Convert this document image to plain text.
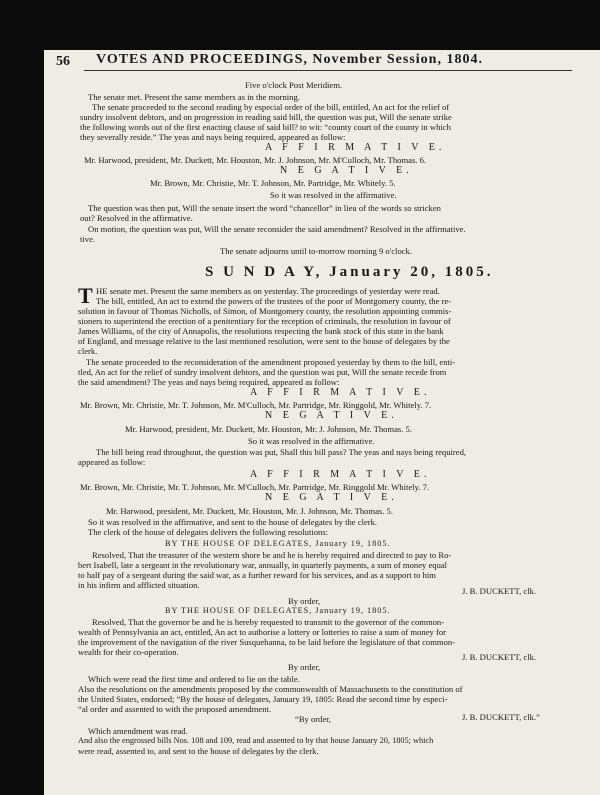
56 VOTES AND PROCEEDINGS, November Session, 1804.
Five o'clock Post Meridiem.
The senate met. Present the same members as in the morning.
The senate proceeded to the second reading by especial order of the bill, entitled, An act for the relief of
sundry insolvent debtors, and on progression in reading said bill, the question was put, Will the senate strike
the following words out of the first enacting clause of said bill? to wit: “county court of the county in which
they severally reside.” The yeas and nays being required, appeared as follow:
A F F I R M A T I V E.
Mr. Harwood, president, Mr. Duckett, Mr. Houston, Mr. J. Johnson, Mr. M'Culloch, Mr. Thomas. 6.
N E G A T I V E.
Mr. Brown, Mr. Christie, Mr. T. Johnson, Mr. Partridge, Mr. Whitely. 5.
So it was resolved in the affirmative.
The question was then put, Will the senate insert the word “chancellor” in lieu of the words so stricken
out? Resolved in the affirmative.
On motion, the question was put, Will the senate reconsider the said amendment? Resolved in the affirmative.
tive.
The senate adjourns until to-morrow morning 9 o'clock.
S U N D A Y, January 20, 1805.
T HE senate met. Present the same members as on yesterday. The proceedings of yesterday were read.
The bill, entitled, An act to extend the powers of the trustees of the poor of Montgomery county, the re-
solution in favour of Thomas Nicholls, of Simon, of Montgomery county, the resolution appointing commis-
sioners to superintend the erection of a penitentiary for the reception of criminals, the resolution in favour of
James Williams, of the city of Annapolis, the resolutions respecting the bank stock of this state in the bank
of England, and message relative to the last mentioned resolution, were sent to the house of delegates by the
clerk.
The senate proceeded to the reconsideration of the amendment proposed yesterday by them to the bill, enti-
tled, An act for the relief of sundry insolvent debtors, and the question was put, Will the senate recede from
the said amendment? The yeas and nays being required, appeared as follow:
A F F I R M A T I V E.
Mr. Brown, Mr. Christie, Mr. T. Johnson, Mr. M'Culloch, Mr. Partridge, Mr. Ringgold, Mr. Whitely. 7.
N E G A T I V E.
Mr. Harwood, president, Mr. Duckett, Mr. Houston, Mr. J. Johnson, Mr. Thomas. 5.
So it was resolved in the affirmative.
The bill being read throughout, the question was put, Shall this bill pass? The yeas and nays being required,
appeared as follow:
A F F I R M A T I V E.
Mr. Brown, Mr. Christie, Mr. T. Johnson, Mr. M'Culloch, Mr. Partridge, Mr. Ringgold Mr. Whitely. 7.
N E G A T I V E.
Mr. Harwood, president, Mr. Duckett, Mr. Houston, Mr. J. Johnson, Mr. Thomas. 5.
So it was resolved in the affirmative, and sent to the house of delegates by the clerk.
The clerk of the house of delegates delivers the following resolutions:
BY THE HOUSE OF DELEGATES, January 19, 1805.
Resolved, That the treasurer of the western shore be and he is hereby required and directed to pay to Ro-
bert Isabell, late a sergeant in the revolutionary war, annually, in quarterly payments, a sum of money equal
to half pay of a sergeant during the said war, as a further reward for his services, and as a support to him
in his infirm and afflicted situation.
By order,
J. B. DUCKETT, clk.
BY THE HOUSE OF DELEGATES, January 19, 1805.
Resolved, That the governor be and he is hereby requested to transmit to the governor of the common-
wealth of Pennsylvania an act, entitled, An act to authorise a lottery or lotteries to raise a sum of money for
the improvement of the navigation of the river Susquehanna, to be laid before the legislature of that common-
wealth for their co-operation.
By order,
J. B. DUCKETT, clk.
Which were read the first time and ordered to lie on the table.
Also the resolutions on the amendments proposed by the commonwealth of Massachusetts to the constitution of
the United States, endorsed; “By the house of delegates, January 19, 1805: Read the second time by especi-
“al order and assented to with the proposed amendment.
“By order,	J. B. DUCKETT, clk.”
Which amendment was read.
And also the engrossed bills Nos. 108 and 109, read and assented to by that house January 20, 1805; which
were read, assented to, and sent to the house of delegates by the clerk.
